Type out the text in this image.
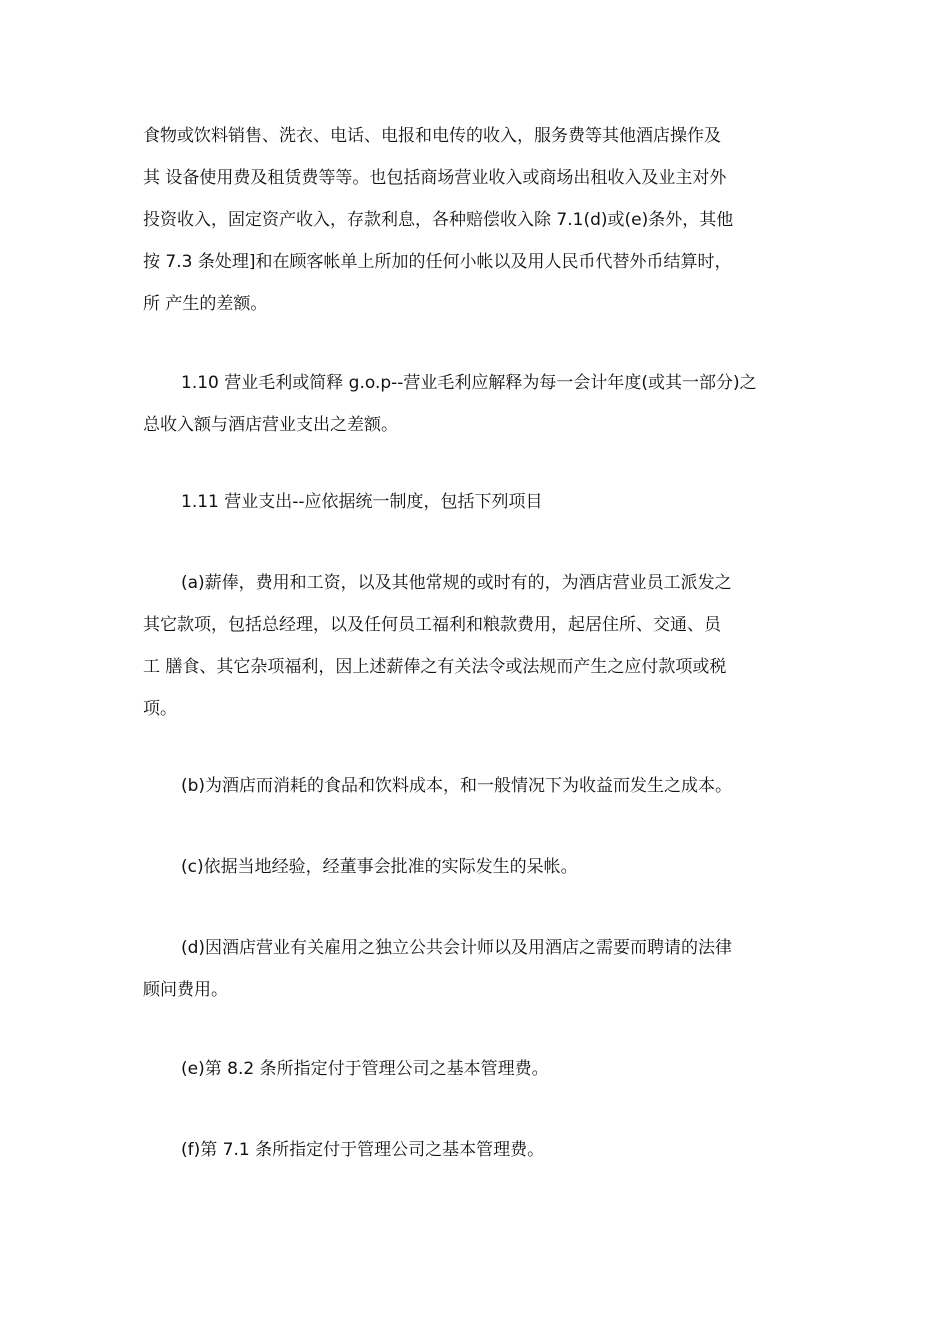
食物或饮料销售、洗衣、电话、电报和电传的收入，服务费等其他酒店操作及
其 设备使用费及租赁费等等。也包括商场营业收入或商场出租收入及业主对外
投资收入，固定资产收入，存款利息，各种赔偿收入除 7.1(d)或(e)条外，其他
按 7.3 条处理]和在顾客帐单上所加的任何小帐以及用人民币代替外币结算时，
所 产生的差额。
1.10 营业毛利或简释 g.o.p--营业毛利应解释为每一会计年度(或其一部分)之
总收入额与酒店营业支出之差额。
1.11 营业支出--应依据统一制度，包括下列项目
(a)薪俸，费用和工资，以及其他常规的或时有的，为酒店营业员工派发之
其它款项，包括总经理，以及任何员工福利和粮款费用，起居住所、交通、员
工 膳食、其它杂项福利，因上述薪俸之有关法令或法规而产生之应付款项或税
项。
(b)为酒店而消耗的食品和饮料成本，和一般情况下为收益而发生之成本。
(c)依据当地经验，经董事会批准的实际发生的呆帐。
(d)因酒店营业有关雇用之独立公共会计师以及用酒店之需要而聘请的法律
顾问费用。
(e)第 8.2 条所指定付于管理公司之基本管理费。
(f)第 7.1 条所指定付于管理公司之基本管理费。
